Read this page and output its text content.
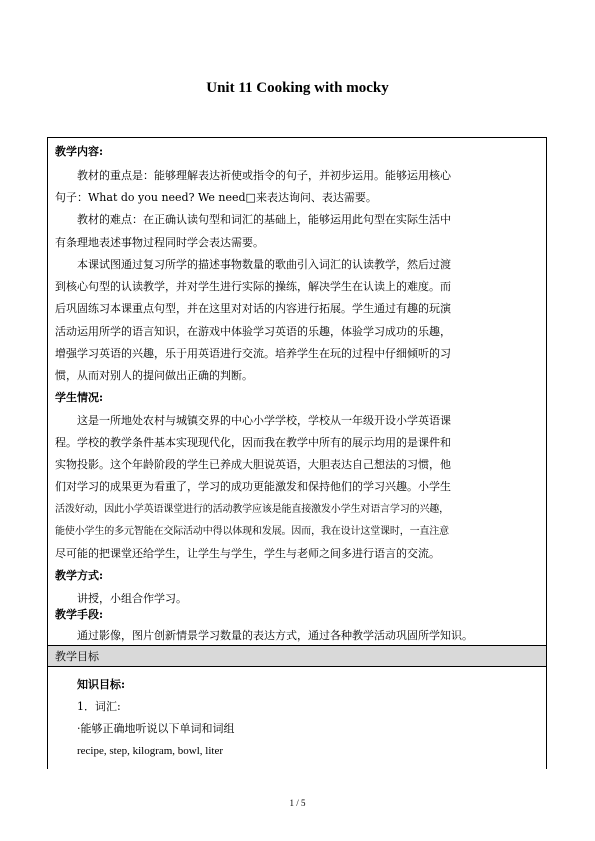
Unit 11 Cooking with mocky
教学内容:
教材的重点是：能够理解表达祈使或指令的句子，并初步运用。能够运用核心
句子：What do you need? We need□来表达询问、表达需要。
教材的难点：在正确认读句型和词汇的基础上，能够运用此句型在实际生活中
有条理地表述事物过程同时学会表达需要。
本课试图通过复习所学的描述事物数量的歌曲引入词汇的认读教学，然后过渡
到核心句型的认读教学，并对学生进行实际的操练，解决学生在认读上的难度。而
后巩固练习本课重点句型，并在这里对对话的内容进行拓展。学生通过有趣的玩演
活动运用所学的语言知识，在游戏中体验学习英语的乐趣，体验学习成功的乐趣，
增强学习英语的兴趣，乐于用英语进行交流。培养学生在玩的过程中仔细倾听的习
惯，从而对别人的提问做出正确的判断。
学生情况:
这是一所地处农村与城镇交界的中心小学学校，学校从一年级开设小学英语课
程。学校的教学条件基本实现现代化，因而我在教学中所有的展示均用的是课件和
实物投影。这个年龄阶段的学生已养成大胆说英语，大胆表达自己想法的习惯，他
们对学习的成果更为看重了，学习的成功更能激发和保持他们的学习兴趣。小学生
活泼好动，因此小学英语课堂进行的活动教学应该是能直接激发小学生对语言学习的兴趣，
能使小学生的多元智能在交际活动中得以体现和发展。因而，我在设计这堂课时，一直注意
尽可能的把课堂还给学生，让学生与学生，学生与老师之间多进行语言的交流。
教学方式:
讲授，小组合作学习。
教学手段:
通过影像，图片创新情景学习数量的表达方式，通过各种教学活动巩固所学知识。
教学目标
知识目标:
1．词汇:
·能够正确地听说以下单词和词组
recipe, step, kilogram, bowl, liter
1 / 5
